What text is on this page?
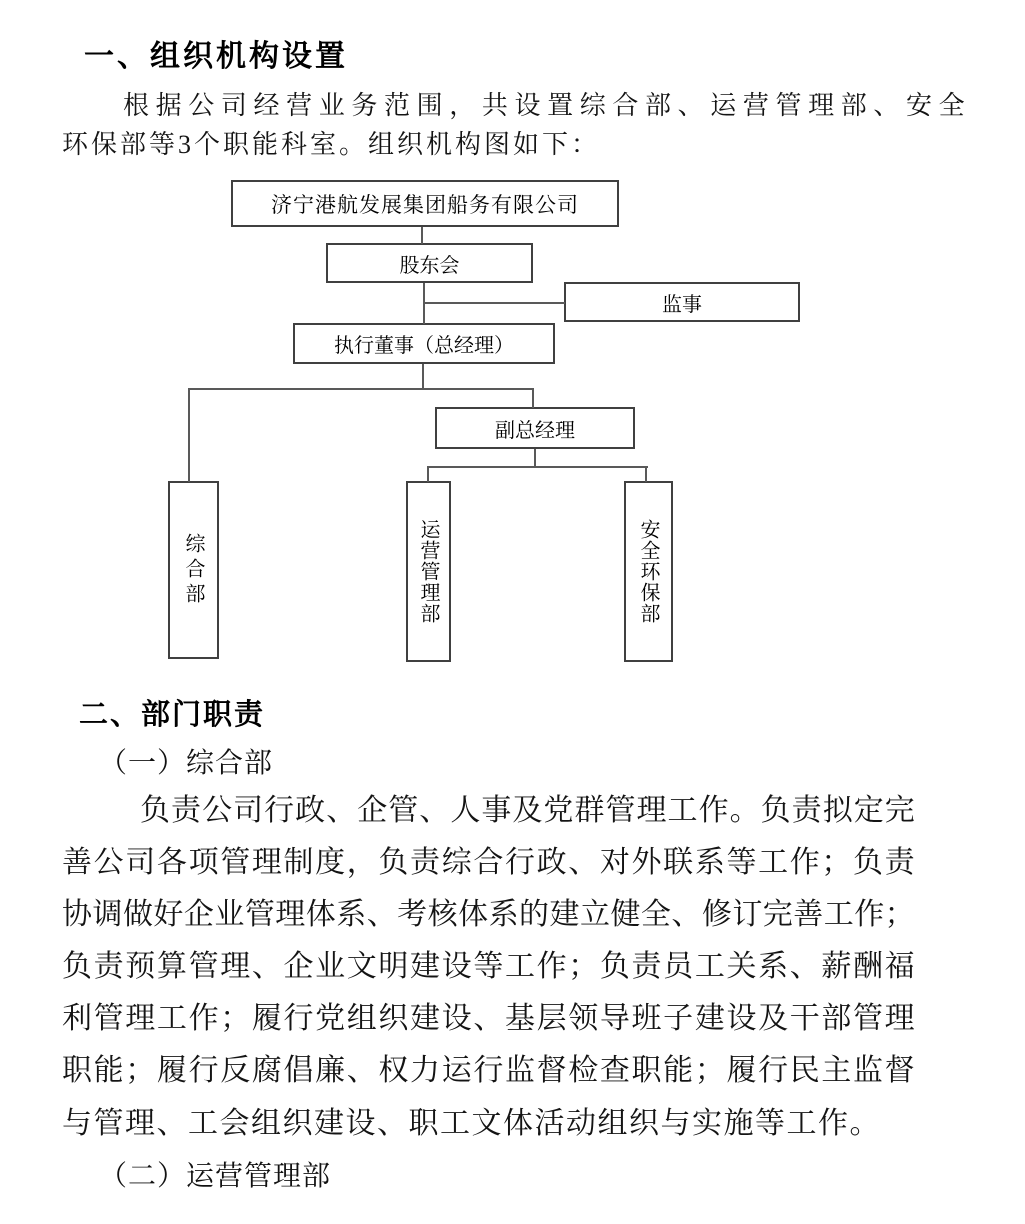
一、组织机构设置
根 据 公 司 经 营 业 务 范 围 ， 共 设 置 综 合 部 、 运 营 管 理 部 、 安 全
环保部等3个职能科室。组织机构图如下：
济宁港航发展集团船务有限公司
股东会
监事
执行董事（总经理）
副总经理
综合部	运营管理部	安全环保部
二、部门职责
（一）综合部
负 责 公 司 行 政 、 企 管 、 人 事 及 党 群 管 理 工 作 。 负 责 拟 定 完
善 公 司 各 项 管 理 制 度 ， 负 责 综 合 行 政 、 对 外 联 系 等 工 作 ； 负 责
协 调 做 好 企 业 管 理 体 系 、 考 核 体 系 的 建 立 健 全 、 修 订 完 善 工 作 ；
负 责 预 算 管 理 、 企 业 文 明 建 设 等 工 作 ； 负 责 员 工 关 系 、 薪 酬 福
利 管 理 工 作 ； 履 行 党 组 织 建 设 、 基 层 领 导 班 子 建 设 及 干 部 管 理
职 能 ； 履 行 反 腐 倡 廉 、 权 力 运 行 监 督 检 查 职 能 ； 履 行 民 主 监 督
与管理、工会组织建设、职工文体活动组织与实施等工作。
（二）运营管理部
